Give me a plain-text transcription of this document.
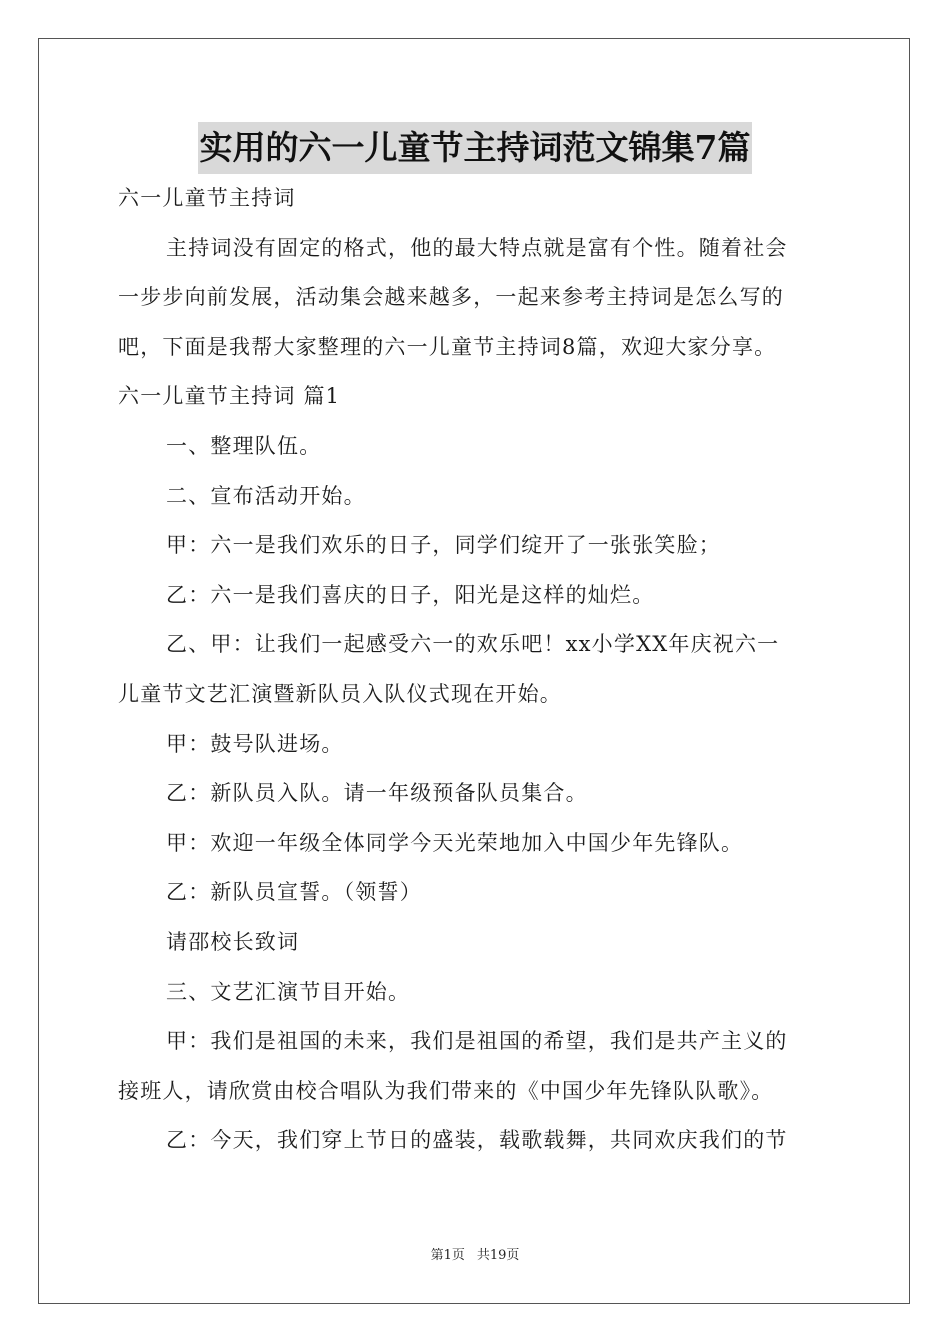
实用的六一儿童节主持词范文锦集7篇
六一儿童节主持词
主持词没有固定的格式，他的最大特点就是富有个性。随着社会
一步步向前发展，活动集会越来越多，一起来参考主持词是怎么写的
吧，下面是我帮大家整理的六一儿童节主持词8篇，欢迎大家分享。
六一儿童节主持词 篇1
一、整理队伍。
二、宣布活动开始。
甲：六一是我们欢乐的日子，同学们绽开了一张张笑脸；
乙：六一是我们喜庆的日子，阳光是这样的灿烂。
乙、甲：让我们一起感受六一的欢乐吧！xx小学XX年庆祝六一
儿童节文艺汇演暨新队员入队仪式现在开始。
甲：鼓号队进场。
乙：新队员入队。请一年级预备队员集合。
甲：欢迎一年级全体同学今天光荣地加入中国少年先锋队。
乙：新队员宣誓。（领誓）
请邵校长致词
三、文艺汇演节目开始。
甲：我们是祖国的未来，我们是祖国的希望，我们是共产主义的
接班人，请欣赏由校合唱队为我们带来的《中国少年先锋队队歌》。
乙：今天，我们穿上节日的盛装，载歌载舞，共同欢庆我们的节
第1页 共19页
